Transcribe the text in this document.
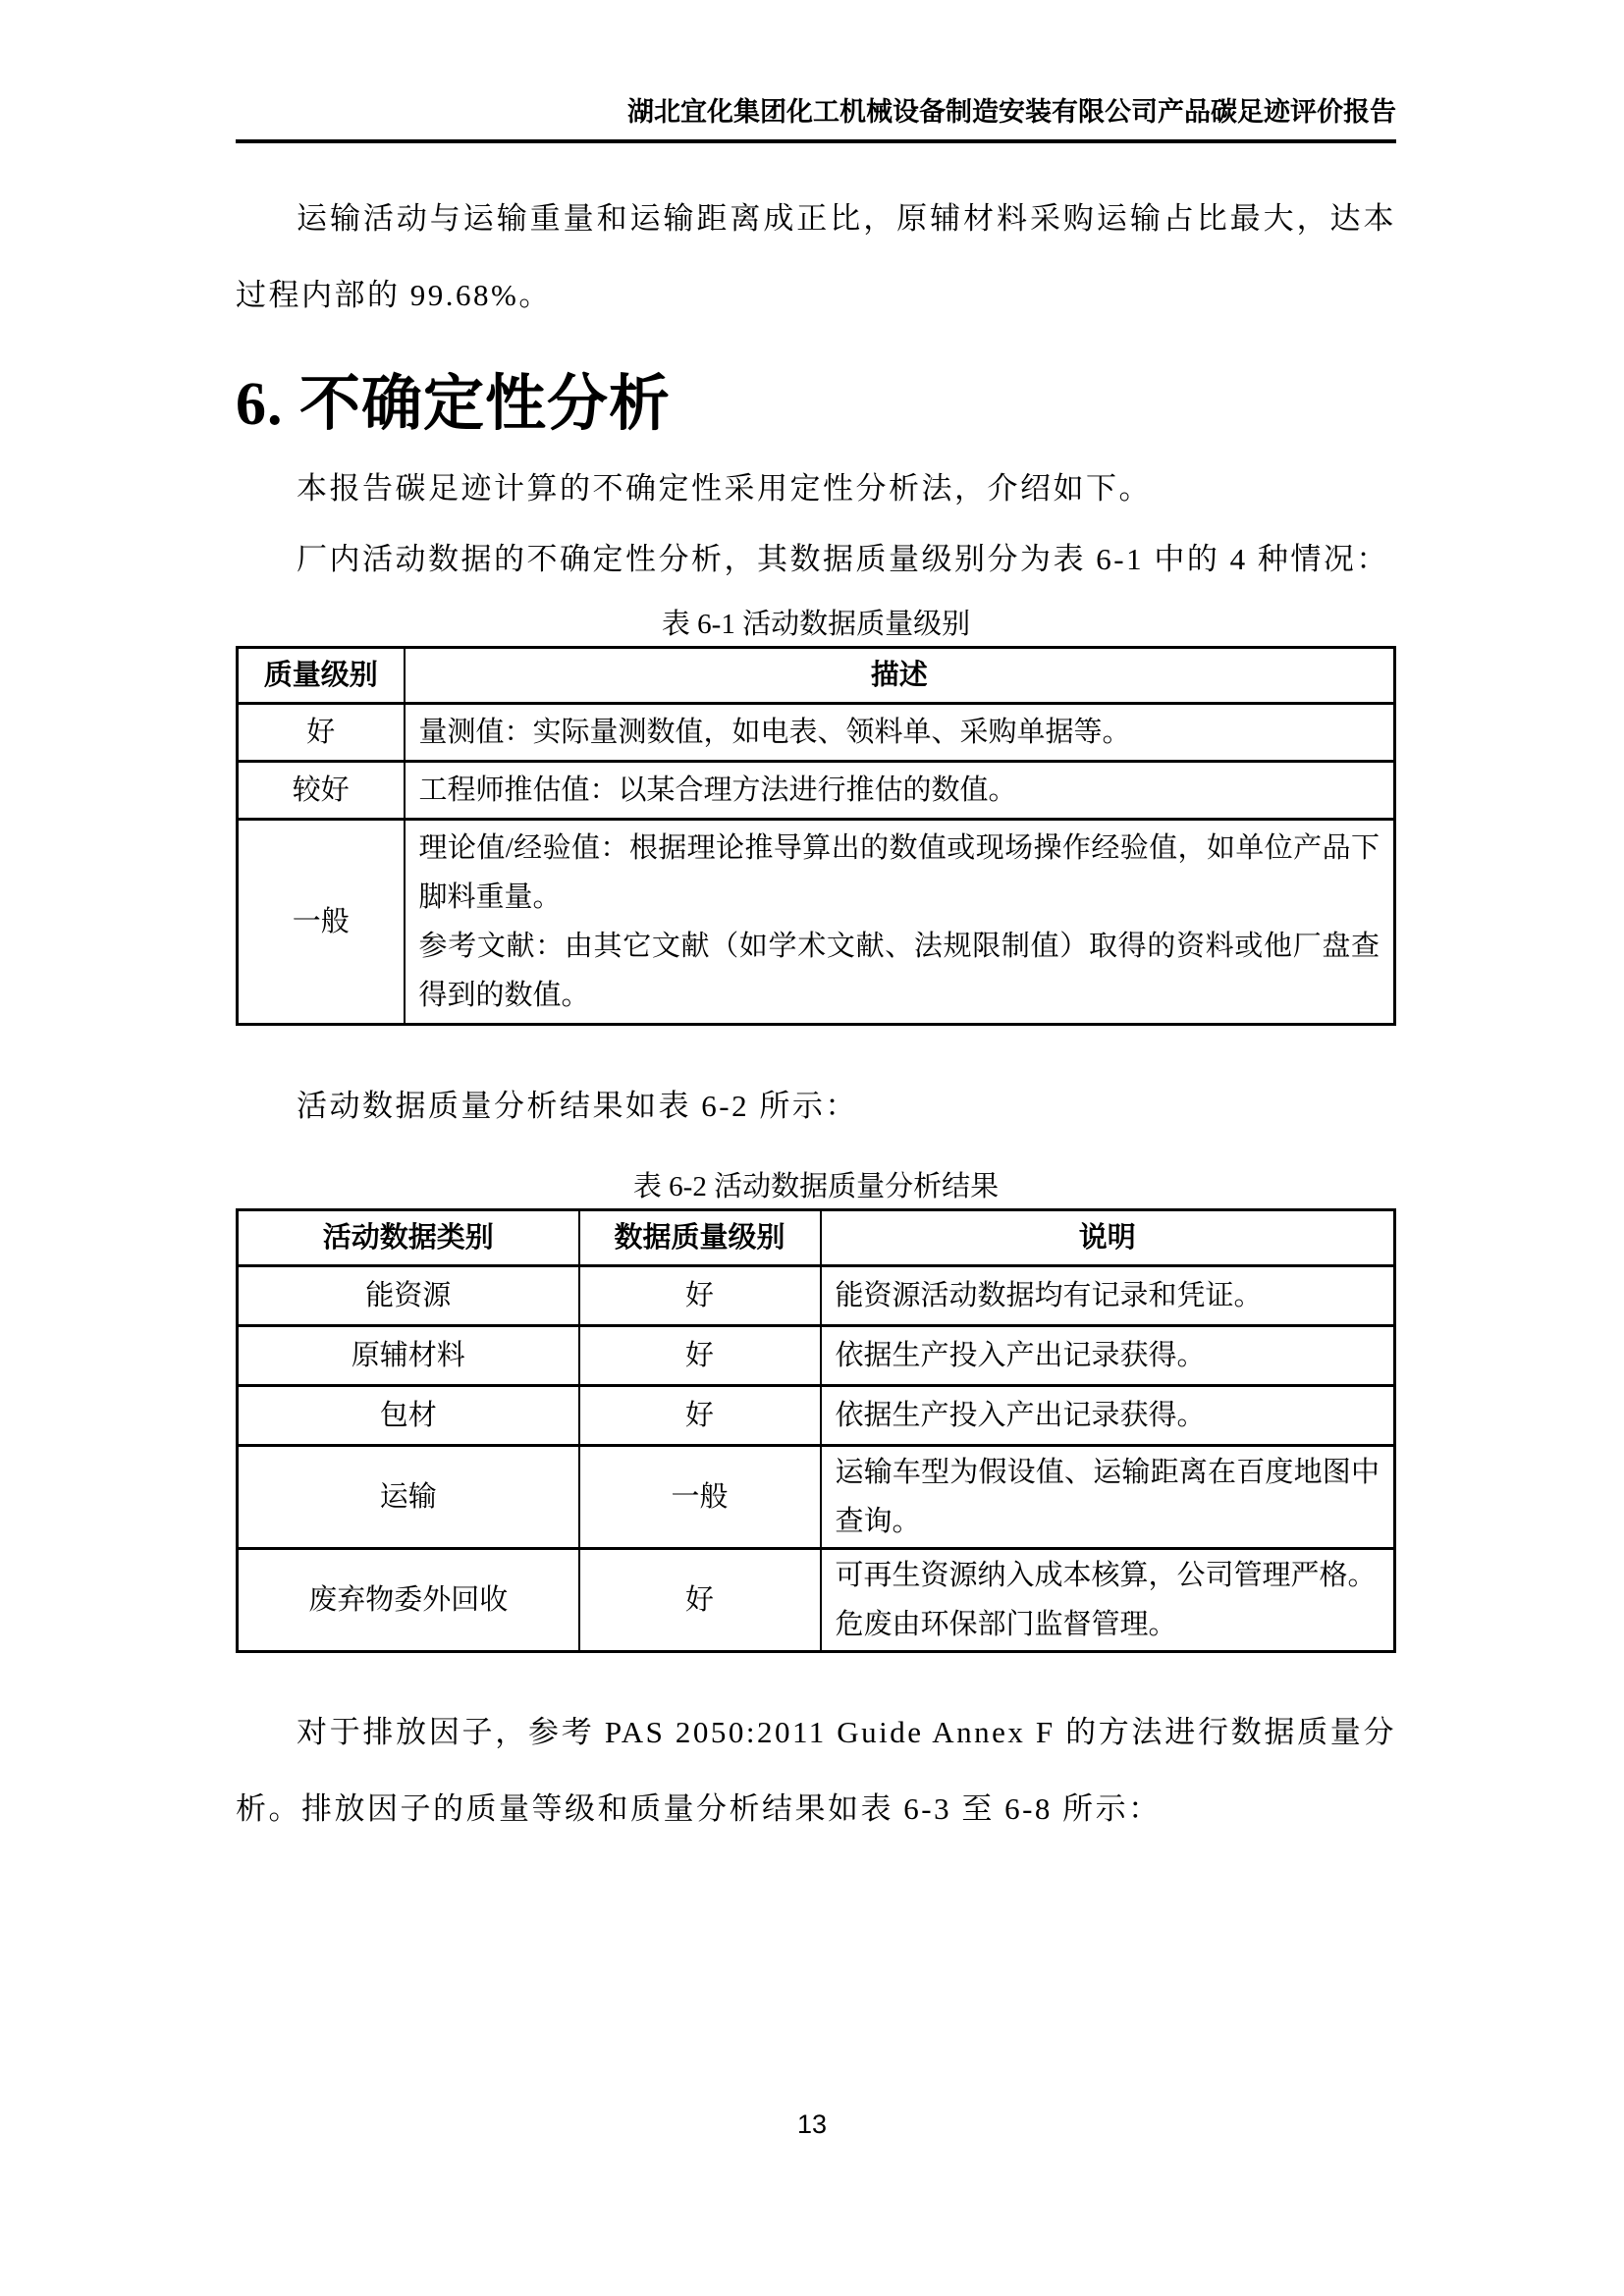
湖北宜化集团化工机械设备制造安装有限公司产品碳足迹评价报告

运输活动与运输重量和运输距离成正比，原辅材料采购运输占比最大，达本过程内部的 99.68%。

6. 不确定性分析

本报告碳足迹计算的不确定性采用定性分析法，介绍如下。

厂内活动数据的不确定性分析，其数据质量级别分为表 6-1 中的 4 种情况：

表 6-1 活动数据质量级别
质量级别	描述
好	量测值：实际量测数值，如电表、领料单、采购单据等。

较好	工程师推估值：以某合理方法进行推估的数值。

一般	理论值/经验值：根据理论推导算出的数值或现场操作经验值，如单位产品下脚料重量。
参考文献：由其它文献（如学术文献、法规限制值）取得的资料或他厂盘查得到的数值。

活动数据质量分析结果如表 6-2 所示：

表 6-2 活动数据质量分析结果
活动数据类别	数据质量级别	说明
能资源	好	能资源活动数据均有记录和凭证。

原辅材料	好	依据生产投入产出记录获得。

包材	好	依据生产投入产出记录获得。

运输	一般	运输车型为假设值、运输距离在百度地图中查询。

废弃物委外回收	好	可再生资源纳入成本核算，公司管理严格。
危废由环保部门监督管理。

对于排放因子，参考 PAS 2050:2011 Guide Annex F 的方法进行数据质量分析。排放因子的质量等级和质量分析结果如表 6-3 至 6-8 所示：

13
